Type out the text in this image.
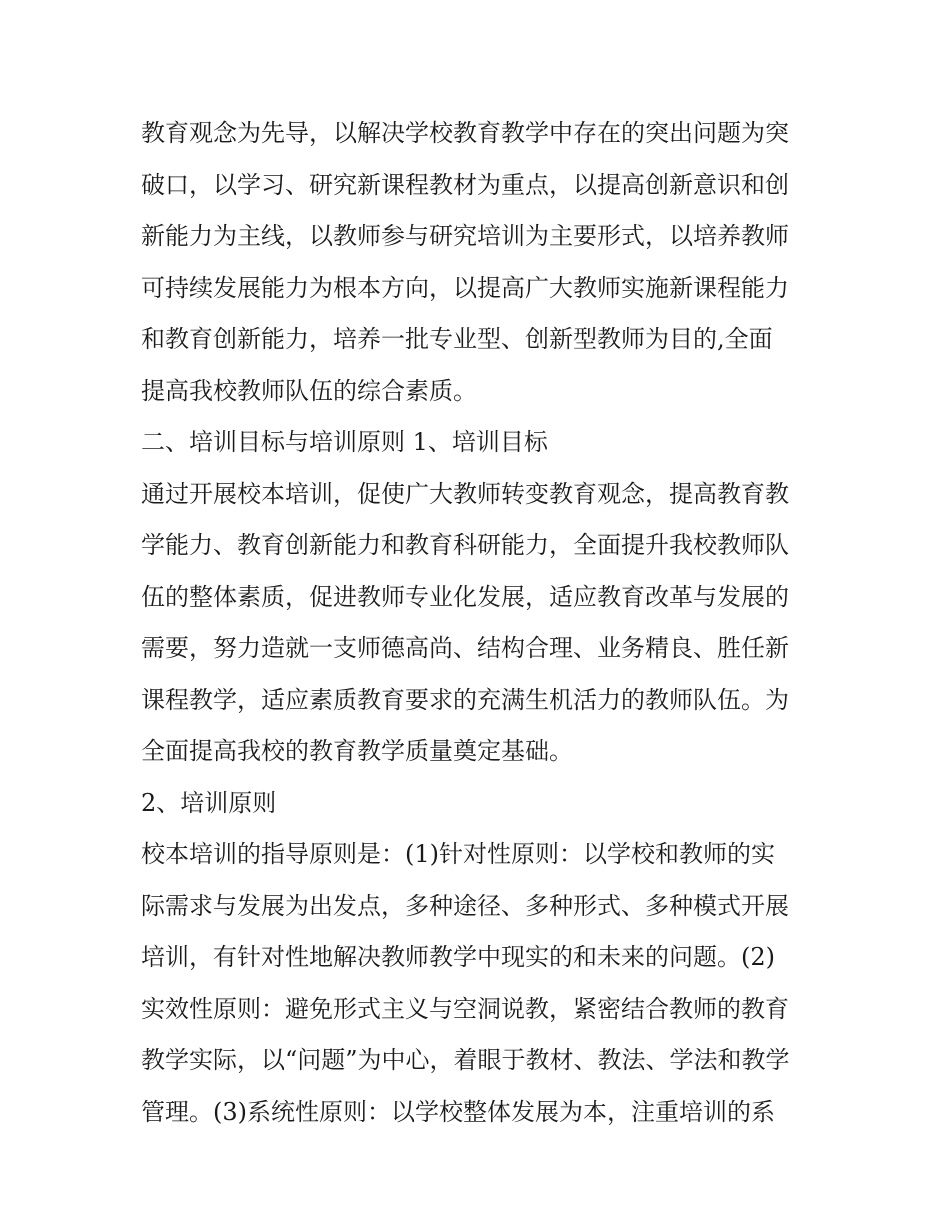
教育观念为先导，以解决学校教育教学中存在的突出问题为突
破口，以学习、研究新课程教材为重点，以提高创新意识和创
新能力为主线，以教师参与研究培训为主要形式，以培养教师
可持续发展能力为根本方向，以提高广大教师实施新课程能力
和教育创新能力，培养一批专业型、创新型教师为目的,全面
提高我校教师队伍的综合素质。
二、培训目标与培训原则 1、培训目标
通过开展校本培训，促使广大教师转变教育观念，提高教育教
学能力、教育创新能力和教育科研能力，全面提升我校教师队
伍的整体素质，促进教师专业化发展，适应教育改革与发展的
需要，努力造就一支师德高尚、结构合理、业务精良、胜任新
课程教学，适应素质教育要求的充满生机活力的教师队伍。为
全面提高我校的教育教学质量奠定基础。
2、培训原则
校本培训的指导原则是：(1)针对性原则：以学校和教师的实
际需求与发展为出发点，多种途径、多种形式、多种模式开展
培训，有针对性地解决教师教学中现实的和未来的问题。(2)
实效性原则：避免形式主义与空洞说教，紧密结合教师的教育
教学实际，以“问题”为中心，着眼于教材、教法、学法和教学
管理。(3)系统性原则：以学校整体发展为本，注重培训的系
